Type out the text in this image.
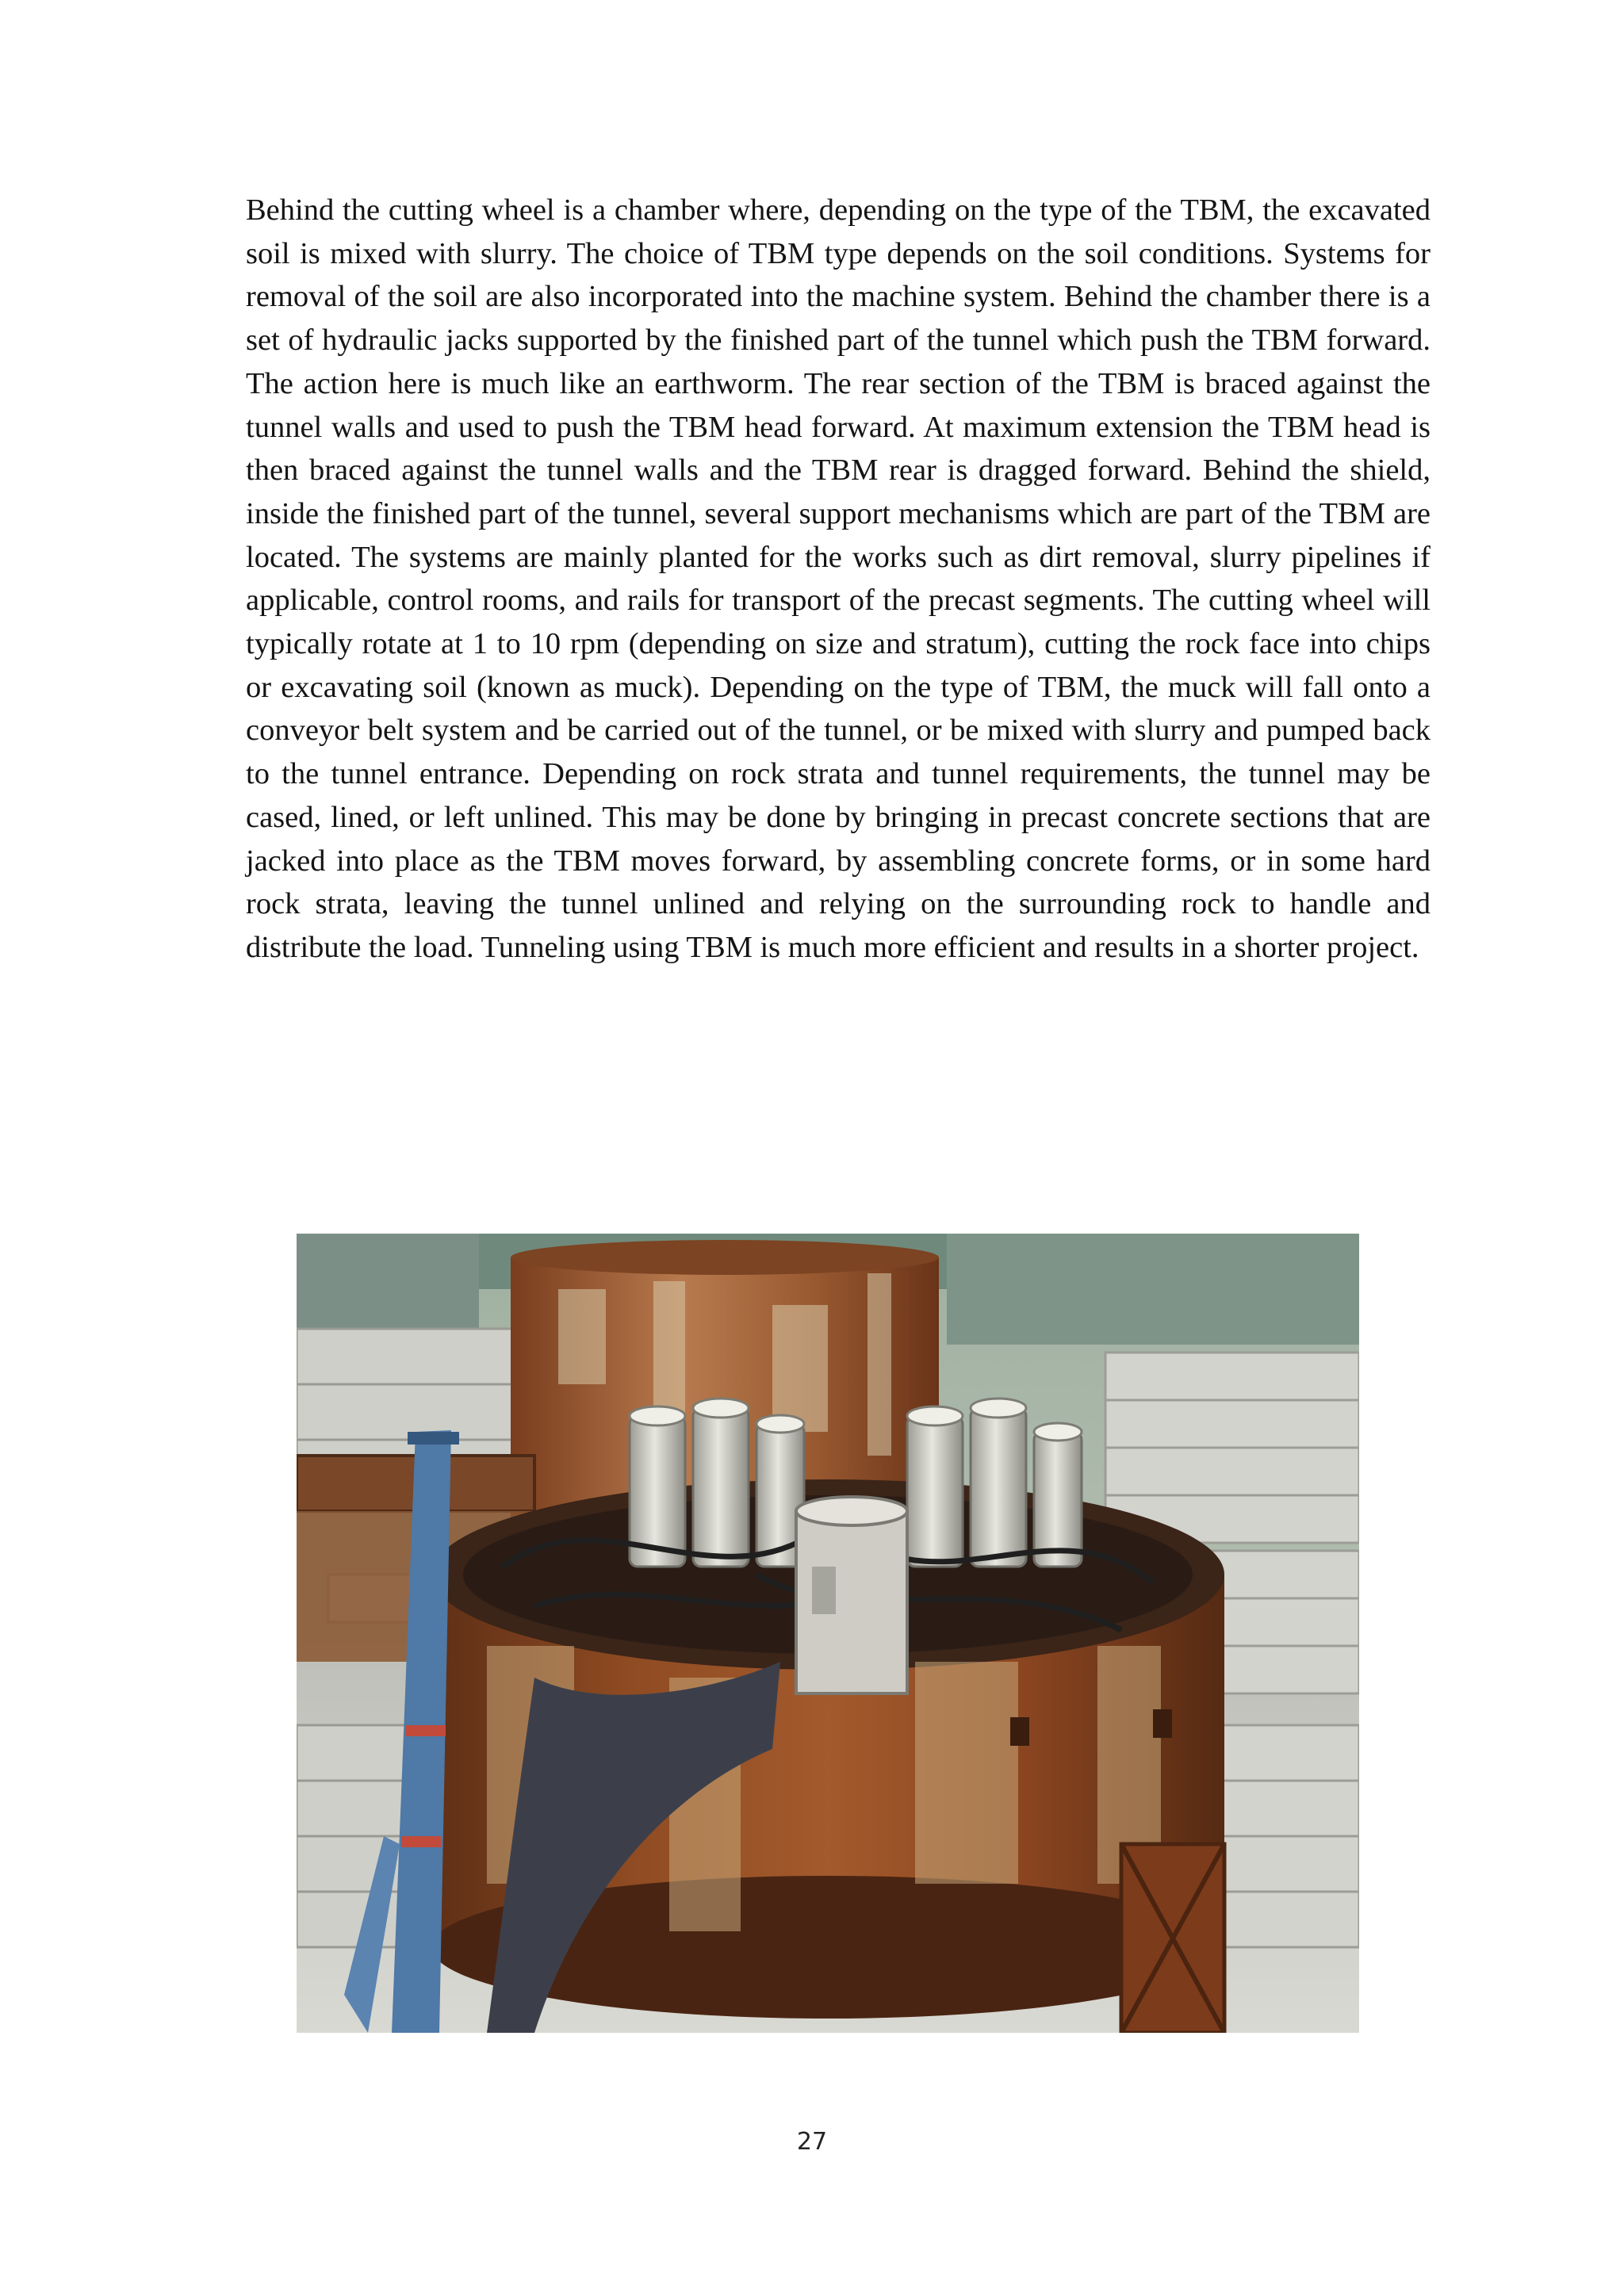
Behind the cutting wheel is a chamber where, depending on the type of the TBM, the excavated soil is mixed with slurry. The choice of TBM type depends on the soil conditions. Systems for removal of the soil are also incorporated into the machine system. Behind the chamber there is a set of hydraulic jacks supported by the finished part of the tunnel which push the TBM forward. The action here is much like an earthworm. The rear section of the TBM is braced against the tunnel walls and used to push the TBM head forward. At maximum extension the TBM head is then braced against the tunnel walls and the TBM rear is dragged forward. Behind the shield, inside the finished part of the tunnel, several support mechanisms which are part of the TBM are located. The systems are mainly planted for the works such as dirt removal, slurry pipelines if applicable, control rooms, and rails for transport of the precast segments. The cutting wheel will typically rotate at 1 to 10 rpm (depending on size and stratum), cutting the rock face into chips or excavating soil (known as muck). Depending on the type of TBM, the muck will fall onto a conveyor belt system and be carried out of the tunnel, or be mixed with slurry and pumped back to the tunnel entrance. Depending on rock strata and tunnel requirements, the tunnel may be cased, lined, or left unlined. This may be done by bringing in precast concrete sections that are jacked into place as the TBM moves forward, by assembling concrete forms, or in some hard rock strata, leaving the tunnel unlined and relying on the surrounding rock to handle and distribute the load. Tunneling using TBM is much more efficient and results in a shorter project.

27
